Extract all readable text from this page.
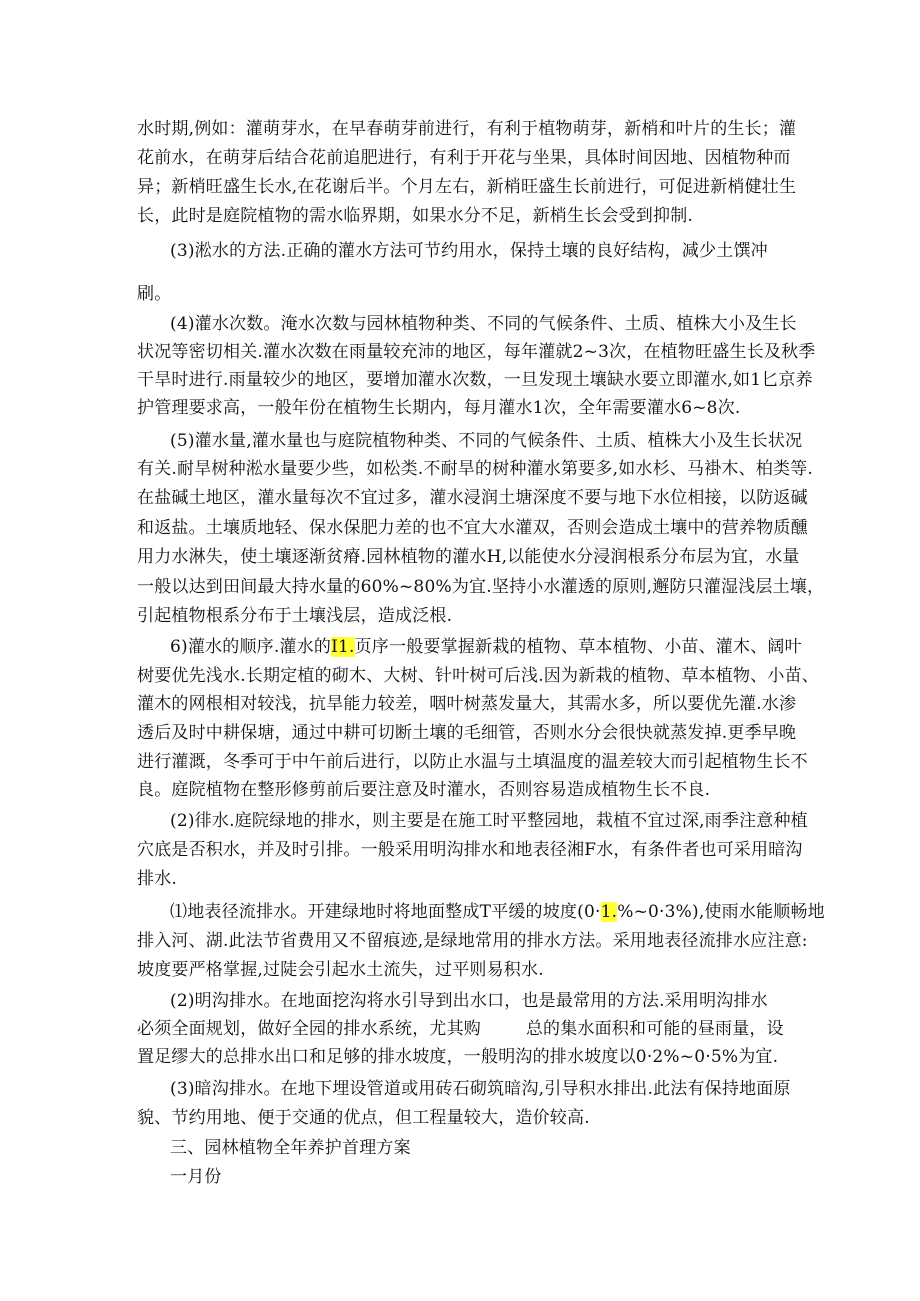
水时期,例如：灌萌芽水，在早春萌芽前进行，有利于植物萌芽，新梢和叶片的生长；灌
花前水，在萌芽后结合花前追肥进行，有利于开花与坐果，具体时间因地、因植物种而
异；新梢旺盛生长水,在花谢后半。个月左右，新梢旺盛生长前进行，可促进新梢健壮生
长，此时是庭院植物的需水临界期，如果水分不足，新梢生长会受到抑制.
(3)淞水的方法.正确的灌水方法可节约用水，保持土壤的良好结构，减少土馔冲
刷。
(4)灌水次数。淹水次数与园林植物种类、不同的气候条件、土质、植株大小及生长
状况等密切相关.灌水次数在雨量较充沛的地区，每年灌就2~3次，在植物旺盛生长及秋季
干旱时进行.雨量较少的地区，要增加灌水次数，一旦发现土壤缺水要立即灌水,如1匕京养
护管理要求高，一般年份在植物生长期内，每月灌水1次，全年需要灌水6~8次.
(5)灌水量,灌水量也与庭院植物种类、不同的气候条件、土质、植株大小及生长状况
有关.耐旱树种淞水量要少些，如松类.不耐旱的树种灌水第要多,如水杉、马褂木、柏类等.
在盐碱土地区，灌水量每次不宜过多，灌水浸润土塘深度不要与地下水位相接，以防返碱
和返盐。土壤质地轻、保水保肥力差的也不宜大水灌双，否则会造成土壤中的营养物质醺
用力水淋失，使土壤逐渐贫瘠.园林植物的灌水H,以能使水分浸润根系分布层为宜，水量
一般以达到田间最大持水量的60%~80%为宜.坚持小水灌透的原则,邂防只灌湿浅层土壤，
引起植物根系分布于土壤浅层，造成泛根.
6)灌水的顺序.灌水的I1.页序一般要掌握新栽的植物、草本植物、小苗、灌木、阔叶
树要优先浅水.长期定植的砌木、大树、针叶树可后浅.因为新栽的植物、草本植物、小苗、
灌木的网根相对较浅，抗旱能力较差，咽叶树蒸发量大，其需水多，所以要优先灌.水渗
透后及时中耕保塘，通过中耕可切断土壤的毛细管，否则水分会很快就蒸发掉.更季早晚
进行灌溉，冬季可于中午前后进行，以防止水温与土填温度的温差较大而引起植物生长不
良。庭院植物在整形修剪前后要注意及时灌水，否则容易造成植物生长不良.
(2)徘水.庭院绿地的排水，则主要是在施工时平整园地，栽植不宜过深,雨季注意种植
穴底是否积水，并及时引排。一般采用明沟排水和地表径湘F水，有条件者也可采用暗沟
排水.
⑴地表径流排水。开建绿地时将地面整成T平缓的坡度(0·1.%~0·3%),使雨水能顺畅地
排入河、湖.此法节省费用又不留痕迹,是绿地常用的排水方法。采用地表径流排水应注意:
坡度要严格掌握,过陡会引起水土流失，过平则易积水.
(2)明沟排水。在地面挖沟将水引导到出水口，也是最常用的方法.采用明沟排水
必须全面规划，做好全园的排水系统，尤其购        总的集水面积和可能的昼雨量，设
置足缪大的总排水出口和足够的排水坡度，一般明沟的排水坡度以0·2%~0·5%为宜.
(3)暗沟排水。在地下埋设管道或用砖石砌筑暗沟,引导积水排出.此法有保持地面原
貌、节约用地、便于交通的优点，但工程量较大，造价较高.
三、园林植物全年养护首理方案
一月份
